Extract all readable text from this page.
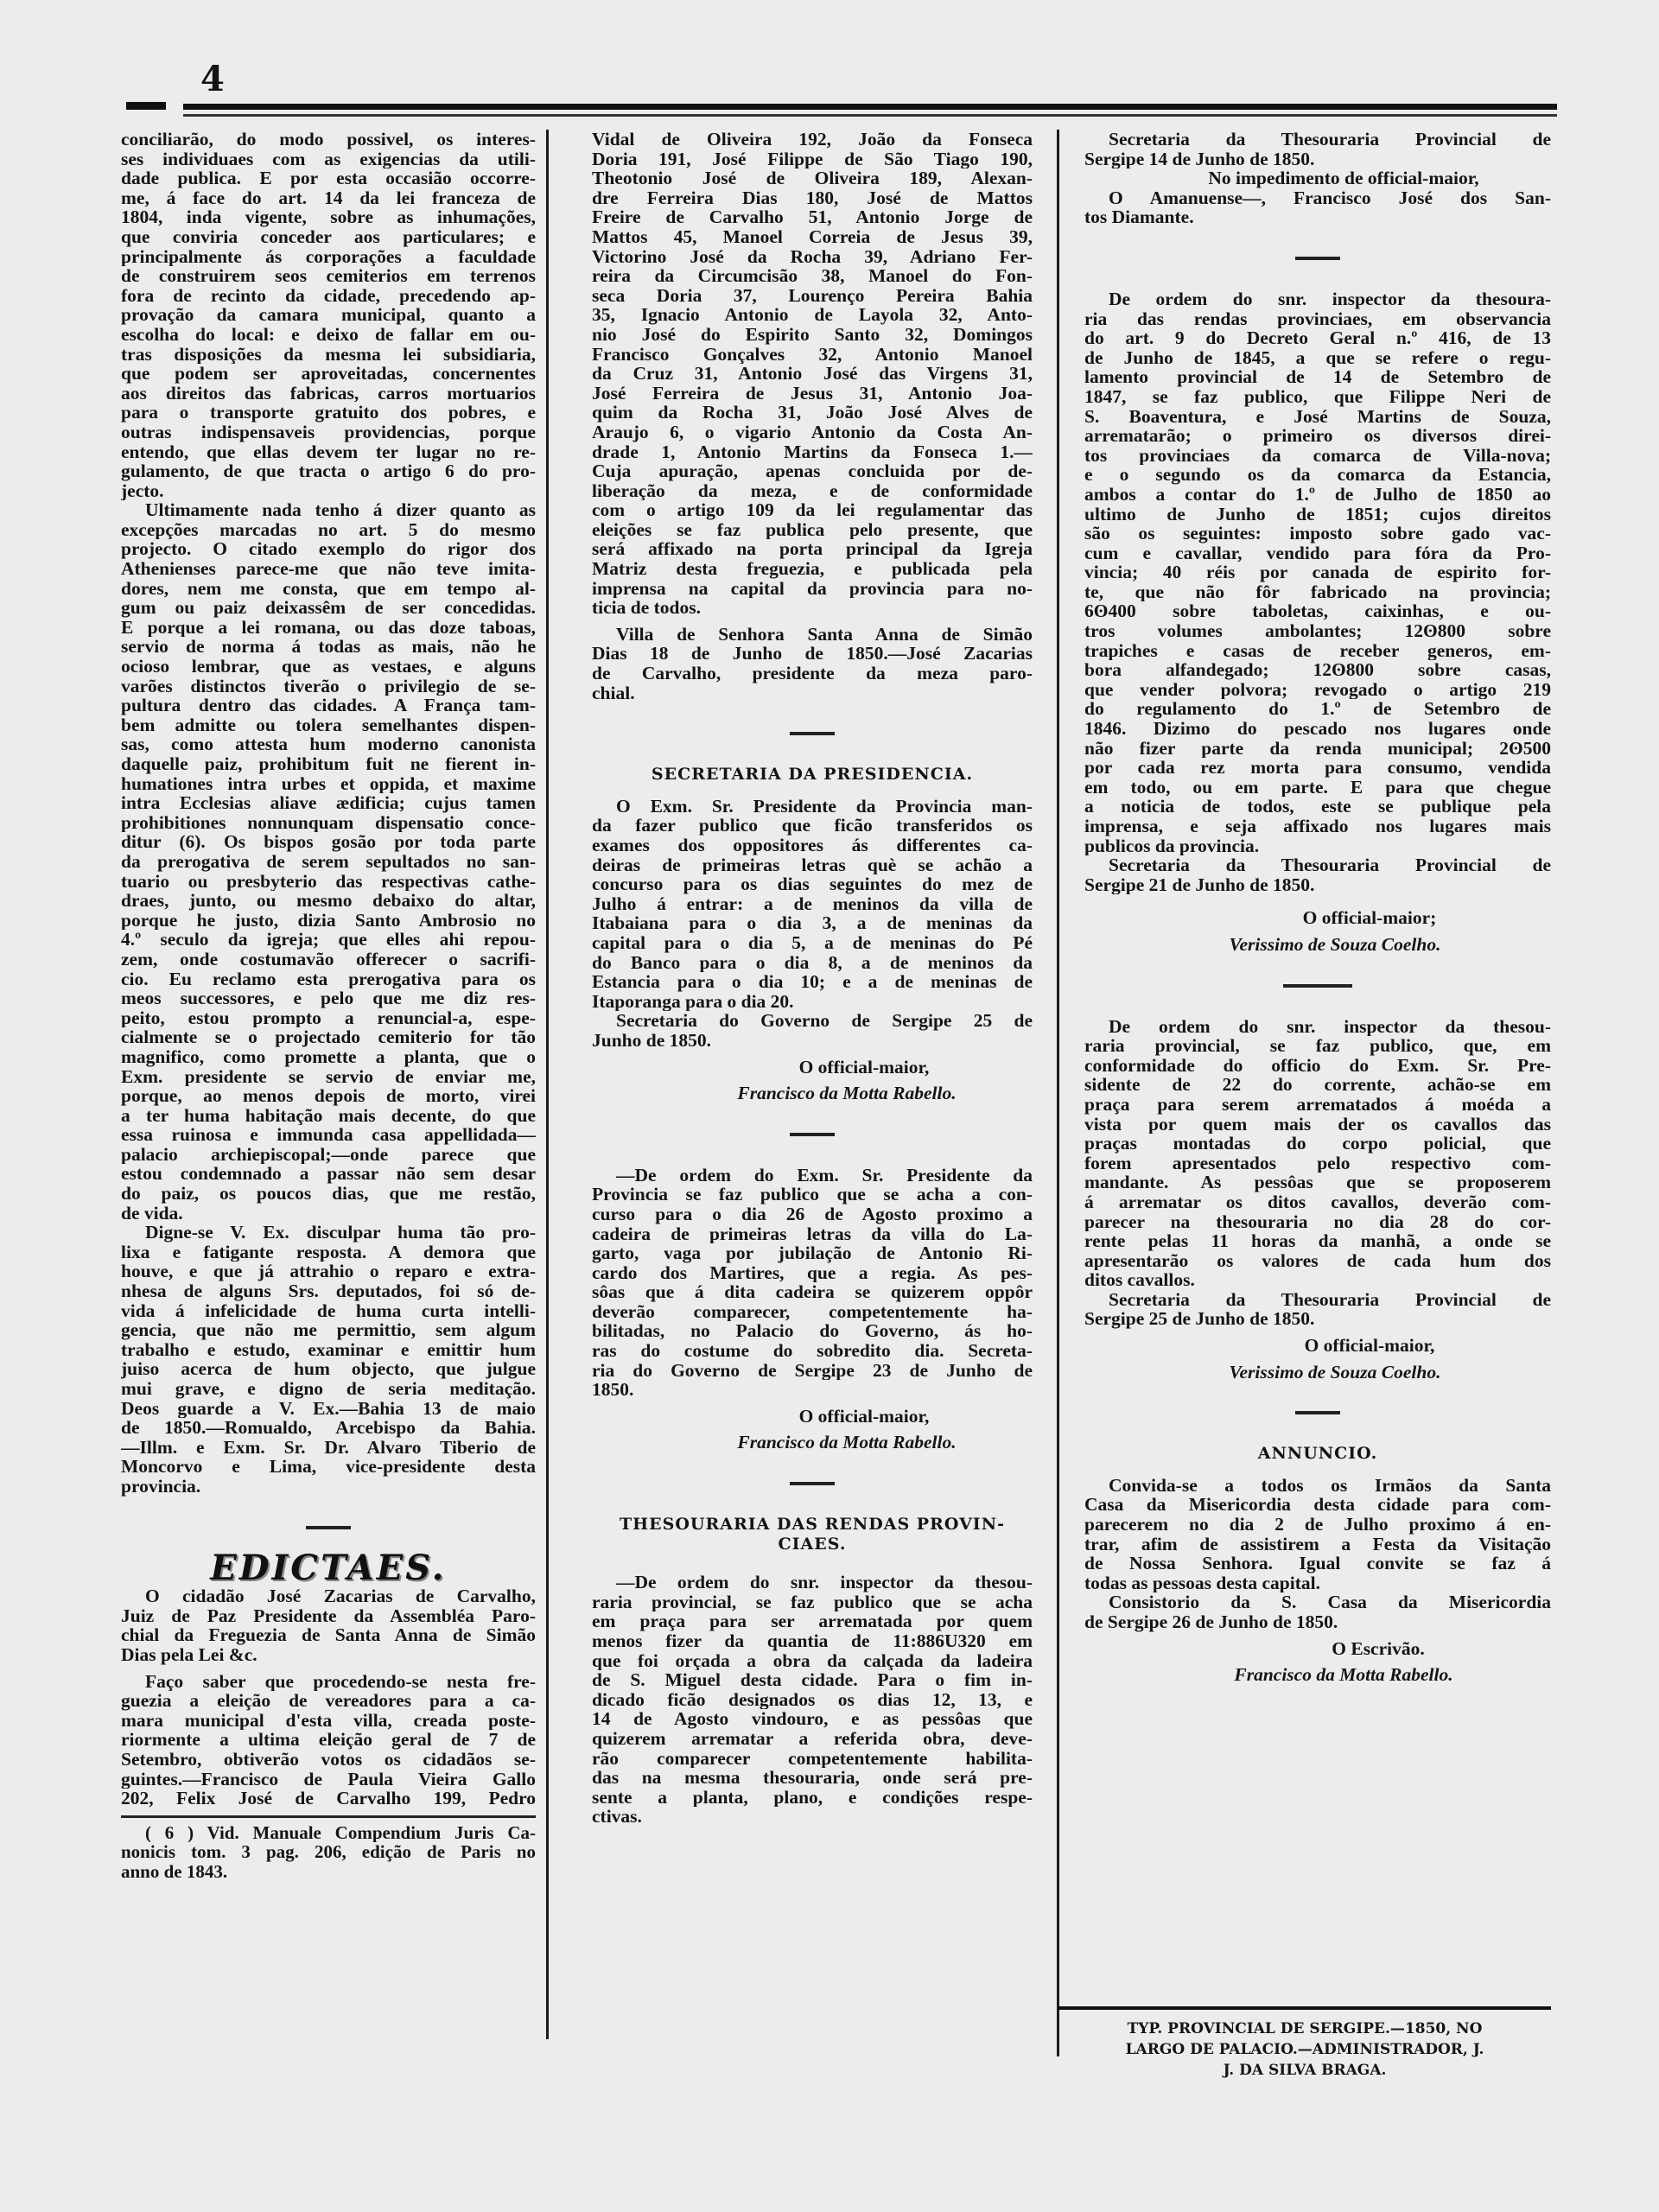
4
conciliarão, do modo possivel, os interes-
ses individuaes com as exigencias da utili-
dade publica. E por esta occasião occorre-
me, á face do art. 14 da lei franceza de
1804, inda vigente, sobre as inhumações,
que conviria conceder aos particulares; e
principalmente ás corporações a faculdade
de construirem seos cemiterios em terrenos
fora de recinto da cidade, precedendo ap-
provação da camara municipal, quanto a
escolha do local: e deixo de fallar em ou-
tras disposições da mesma lei subsidiaria,
que podem ser aproveitadas, concernentes
aos direitos das fabricas, carros mortuarios
para o transporte gratuito dos pobres, e
outras indispensaveis providencias, porque
entendo, que ellas devem ter lugar no re-
gulamento, de que tracta o artigo 6 do pro-
jecto.
Ultimamente nada tenho á dizer quanto as
excepções marcadas no art. 5 do mesmo
projecto. O citado exemplo do rigor dos
Athenienses parece-me que não teve imita-
dores, nem me consta, que em tempo al-
gum ou paiz deixassêm de ser concedidas.
E porque a lei romana, ou das doze taboas,
servio de norma á todas as mais, não he
ocioso lembrar, que as vestaes, e alguns
varões distinctos tiverão o privilegio de se-
pultura dentro das cidades. A França tam-
bem admitte ou tolera semelhantes dispen-
sas, como attesta hum moderno canonista
daquelle paiz, prohibitum fuit ne fierent in-
humationes intra urbes et oppida, et maxime
intra Ecclesias aliave ædificia; cujus tamen
prohibitiones nonnunquam dispensatio conce-
ditur (6). Os bispos gosão por toda parte
da prerogativa de serem sepultados no san-
tuario ou presbyterio das respectivas cathe-
draes, junto, ou mesmo debaixo do altar,
porque he justo, dizia Santo Ambrosio no
4.º seculo da igreja; que elles ahi repou-
zem, onde costumavão offerecer o sacrifi-
cio. Eu reclamo esta prerogativa para os
meos successores, e pelo que me diz res-
peito, estou prompto a renuncial-a, espe-
cialmente se o projectado cemiterio for tão
magnifico, como promette a planta, que o
Exm. presidente se servio de enviar me,
porque, ao menos depois de morto, virei
a ter huma habitação mais decente, do que
essa ruinosa e immunda casa appellidada—
palacio archiepiscopal;—onde parece que
estou condemnado a passar não sem desar
do paiz, os poucos dias, que me restão,
de vida.
Digne-se V. Ex. disculpar huma tão pro-
lixa e fatigante resposta. A demora que
houve, e que já attrahio o reparo e extra-
nhesa de alguns Srs. deputados, foi só de-
vida á infelicidade de huma curta intelli-
gencia, que não me permittio, sem algum
trabalho e estudo, examinar e emittir hum
juiso acerca de hum objecto, que julgue
mui grave, e digno de seria meditação.
Deos guarde a V. Ex.—Bahia 13 de maio
de 1850.—Romualdo, Arcebispo da Bahia.
—Illm. e Exm. Sr. Dr. Alvaro Tiberio de
Moncorvo e Lima, vice-presidente desta
provincia.
EDICTAES.
O cidadão José Zacarias de Carvalho,
Juiz de Paz Presidente da Assembléa Paro-
chial da Freguezia de Santa Anna de Simão
Dias pela Lei &c.
Faço saber que procedendo-se nesta fre-
guezia a eleição de vereadores para a ca-
mara municipal d'esta villa, creada poste-
riormente a ultima eleição geral de 7 de
Setembro, obtiverão votos os cidadãos se-
guintes.—Francisco de Paula Vieira Gallo
202, Felix José de Carvalho 199, Pedro
( 6 ) Vid. Manuale Compendium Juris Ca-
nonicis tom. 3 pag. 206, edição de Paris no
anno de 1843.
Vidal de Oliveira 192, João da Fonseca
Doria 191, José Filippe de São Tiago 190,
Theotonio José de Oliveira 189, Alexan-
dre Ferreira Dias 180, José de Mattos
Freire de Carvalho 51, Antonio Jorge de
Mattos 45, Manoel Correia de Jesus 39,
Victorino José da Rocha 39, Adriano Fer-
reira da Circumcisão 38, Manoel do Fon-
seca Doria 37, Lourenço Pereira Bahia
35, Ignacio Antonio de Layola 32, Anto-
nio José do Espirito Santo 32, Domingos
Francisco Gonçalves 32, Antonio Manoel
da Cruz 31, Antonio José das Virgens 31,
José Ferreira de Jesus 31, Antonio Joa-
quim da Rocha 31, João José Alves de
Araujo 6, o vigario Antonio da Costa An-
drade 1, Antonio Martins da Fonseca 1.—
Cuja apuração, apenas concluida por de-
liberação da meza, e de conformidade
com o artigo 109 da lei regulamentar das
eleições se faz publica pelo presente, que
será affixado na porta principal da Igreja
Matriz desta freguezia, e publicada pela
imprensa na capital da provincia para no-
ticia de todos.
Villa de Senhora Santa Anna de Simão
Dias 18 de Junho de 1850.—José Zacarias
de Carvalho, presidente da meza paro-
chial.
SECRETARIA DA PRESIDENCIA.
O Exm. Sr. Presidente da Provincia man-
da fazer publico que ficão transferidos os
exames dos oppositores ás differentes ca-
deiras de primeiras letras què se achão a
concurso para os dias seguintes do mez de
Julho á entrar: a de meninos da villa de
Itabaiana para o dia 3, a de meninas da
capital para o dia 5, a de meninas do Pé
do Banco para o dia 8, a de meninos da
Estancia para o dia 10; e a de meninas de
Itaporanga para o dia 20.
Secretaria do Governo de Sergipe 25 de
Junho de 1850.
O official-maior,
Francisco da Motta Rabello.
—De ordem do Exm. Sr. Presidente da
Provincia se faz publico que se acha a con-
curso para o dia 26 de Agosto proximo a
cadeira de primeiras letras da villa do La-
garto, vaga por jubilação de Antonio Ri-
cardo dos Martires, que a regia. As pes-
sôas que á dita cadeira se quizerem oppôr
deverão comparecer, competentemente ha-
bilitadas, no Palacio do Governo, ás ho-
ras do costume do sobredito dia. Secreta-
ria do Governo de Sergipe 23 de Junho de
1850.
O official-maior,
Francisco da Motta Rabello.
THESOURARIA DAS RENDAS PROVIN-
CIAES.
—De ordem do snr. inspector da thesou-
raria provincial, se faz publico que se acha
em praça para ser arrematada por quem
menos fizer da quantia de 11:886U320 em
que foi orçada a obra da calçada da ladeira
de S. Miguel desta cidade. Para o fim in-
dicado ficão designados os dias 12, 13, e
14 de Agosto vindouro, e as pessôas que
quizerem arrematar a referida obra, deve-
rão comparecer competentemente habilita-
das na mesma thesouraria, onde será pre-
sente a planta, plano, e condições respe-
ctivas.
Secretaria da Thesouraria Provincial de
Sergipe 14 de Junho de 1850.
No impedimento de official-maior,
O Amanuense—, Francisco José dos San-
tos Diamante.
De ordem do snr. inspector da thesoura-
ria das rendas provinciaes, em observancia
do art. 9 do Decreto Geral n.º 416, de 13
de Junho de 1845, a que se refere o regu-
lamento provincial de 14 de Setembro de
1847, se faz publico, que Filippe Neri de
S. Boaventura, e José Martins de Souza,
arrematarão; o primeiro os diversos direi-
tos provinciaes da comarca de Villa-nova;
e o segundo os da comarca da Estancia,
ambos a contar do 1.º de Julho de 1850 ao
ultimo de Junho de 1851; cujos direitos
são os seguintes: imposto sobre gado vac-
cum e cavallar, vendido para fóra da Pro-
vincia; 40 réis por canada de espirito for-
te, que não fôr fabricado na provincia;
6ʘ400 sobre taboletas, caixinhas, e ou-
tros volumes ambolantes; 12ʘ800 sobre
trapiches e casas de receber generos, em-
bora alfandegado; 12ʘ800 sobre casas,
que vender polvora; revogado o artigo 219
do regulamento do 1.º de Setembro de
1846. Dizimo do pescado nos lugares onde
não fizer parte da renda municipal; 2ʘ500
por cada rez morta para consumo, vendida
em todo, ou em parte. E para que chegue
a noticia de todos, este se publique pela
imprensa, e seja affixado nos lugares mais
publicos da provincia.
Secretaria da Thesouraria Provincial de
Sergipe 21 de Junho de 1850.
O official-maior;
Verissimo de Souza Coelho.
De ordem do snr. inspector da thesou-
raria provincial, se faz publico, que, em
conformidade do officio do Exm. Sr. Pre-
sidente de 22 do corrente, achão-se em
praça para serem arrematados á moéda a
vista por quem mais der os cavallos das
praças montadas do corpo policial, que
forem apresentados pelo respectivo com-
mandante. As pessôas que se proposerem
á arrematar os ditos cavallos, deverão com-
parecer na thesouraria no dia 28 do cor-
rente pelas 11 horas da manhã, a onde se
apresentarão os valores de cada hum dos
ditos cavallos.
Secretaria da Thesouraria Provincial de
Sergipe 25 de Junho de 1850.
O official-maior,
Verissimo de Souza Coelho.
ANNUNCIO.
Convida-se a todos os Irmãos da Santa
Casa da Misericordia desta cidade para com-
parecerem no dia 2 de Julho proximo á en-
trar, afim de assistirem a Festa da Visitação
de Nossa Senhora. Igual convite se faz á
todas as pessoas desta capital.
Consistorio da S. Casa da Misericordia
de Sergipe 26 de Junho de 1850.
O Escrivão.
Francisco da Motta Rabello.
TYP. PROVINCIAL DE SERGIPE.—1850, NO
LARGO DE PALACIO.—ADMINISTRADOR, J.
J. DA SILVA BRAGA.
